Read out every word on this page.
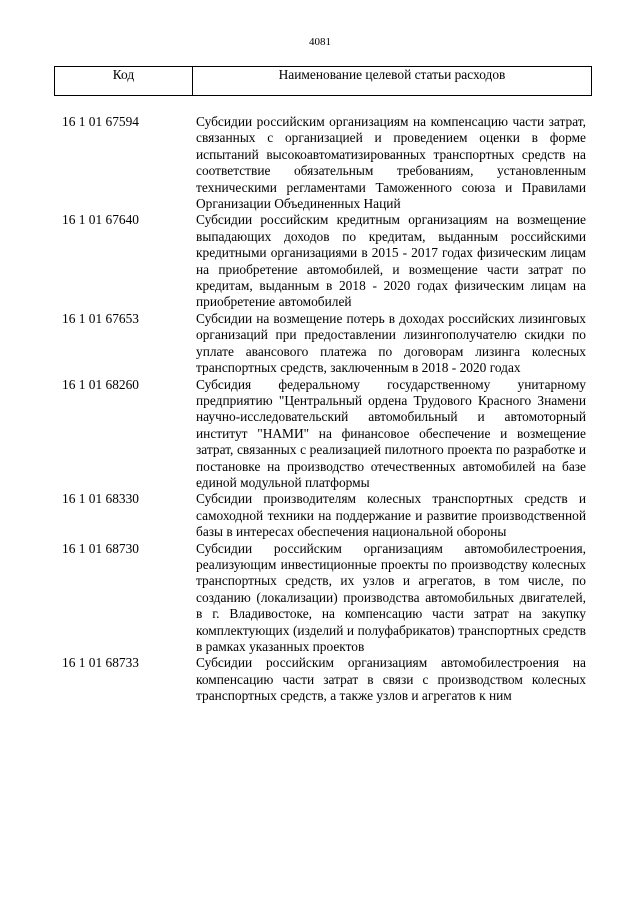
4081
Код	Наименование целевой статьи расходов
16 1 01 67594	Субсидии российским организациям на компенсацию части затрат, связанных с организацией и проведением оценки в форме испытаний высокоавтоматизированных транспортных средств на соответствие обязательным требованиям, установленным техническими регламентами Таможенного союза и Правилами Организации Объединенных Наций
16 1 01 67640	Субсидии российским кредитным организациям на возмещение выпадающих доходов по кредитам, выданным российскими кредитными организациями в 2015 - 2017 годах физическим лицам на приобретение автомобилей, и возмещение части затрат по кредитам, выданным в 2018 - 2020 годах физическим лицам на приобретение автомобилей
16 1 01 67653	Субсидии на возмещение потерь в доходах российских лизинговых организаций при предоставлении лизингополучателю скидки по уплате авансового платежа по договорам лизинга колесных транспортных средств, заключенным в 2018 - 2020 годах
16 1 01 68260	Субсидия федеральному государственному унитарному предприятию "Центральный ордена Трудового Красного Знамени научно-исследовательский автомобильный и автомоторный институт "НАМИ" на финансовое обеспечение и возмещение затрат, связанных с реализацией пилотного проекта по разработке и постановке на производство отечественных автомобилей на базе единой модульной платформы
16 1 01 68330	Субсидии производителям колесных транспортных средств и самоходной техники на поддержание и развитие производственной базы в интересах обеспечения национальной обороны
16 1 01 68730	Субсидии российским организациям автомобилестроения, реализующим инвестиционные проекты по производству колесных транспортных средств, их узлов и агрегатов, в том числе, по созданию (локализации) производства автомобильных двигателей, в г. Владивостоке, на компенсацию части затрат на закупку комплектующих (изделий и полуфабрикатов) транспортных средств в рамках указанных проектов
16 1 01 68733	Субсидии российским организациям автомобилестроения на компенсацию части затрат в связи с производством колесных транспортных средств, а также узлов и агрегатов к ним
